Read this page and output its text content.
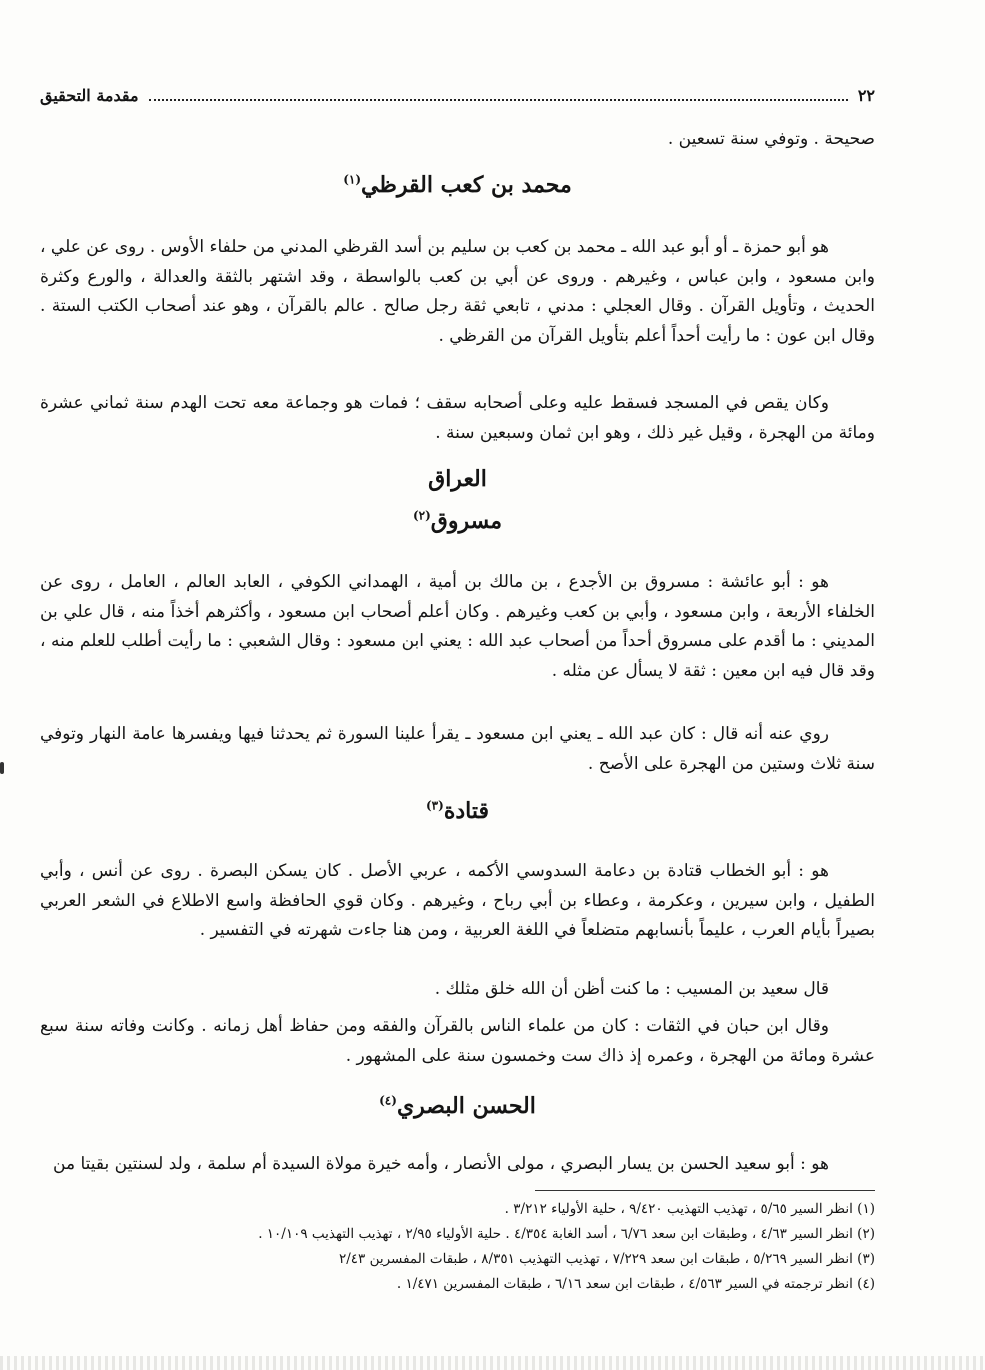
٢٢
مقدمة التحقيق
صحيحة . وتوفي سنة تسعين .
محمد بن كعب القرظي$^{(١)}$
هو أبو حمزة ـ أو أبو عبد الله ـ محمد بن كعب بن سليم بن أسد القرظي المدني من حلفاء الأوس . روى عن علي ، وابن مسعود ، وابن عباس ، وغيرهم . وروى عن أبي بن كعب بالواسطة ، وقد اشتهر بالثقة والعدالة ، والورع وكثرة الحديث ، وتأويل القرآن . وقال العجلي : مدني ، تابعي ثقة رجل صالح . عالم بالقرآن ، وهو عند أصحاب الكتب الستة . وقال ابن عون : ما رأيت أحداً أعلم بتأويل القرآن من القرظي .
وكان يقص في المسجد فسقط عليه وعلى أصحابه سقف ؛ فمات هو وجماعة معه تحت الهدم سنة ثماني عشرة ومائة من الهجرة ، وقيل غير ذلك ، وهو ابن ثمان وسبعين سنة .
العراق
مسروق$^{(٢)}$
هو : أبو عائشة : مسروق بن الأجدع ، بن مالك بن أمية ، الهمداني الكوفي ، العابد العالم ، العامل ، روى عن الخلفاء الأربعة ، وابن مسعود ، وأبي بن كعب وغيرهم . وكان أعلم أصحاب ابن مسعود ، وأكثرهم أخذاً منه ، قال علي بن المديني : ما أقدم على مسروق أحداً من أصحاب عبد الله : يعني ابن مسعود : وقال الشعبي : ما رأيت أطلب للعلم منه ، وقد قال فيه ابن معين : ثقة لا يسأل عن مثله .
روي عنه أنه قال : كان عبد الله ـ يعني ابن مسعود ـ يقرأ علينا السورة ثم يحدثنا فيها ويفسرها عامة النهار وتوفي سنة ثلاث وستين من الهجرة على الأصح .
قتادة$^{(٣)}$
هو : أبو الخطاب قتادة بن دعامة السدوسي الأكمه ، عربي الأصل . كان يسكن البصرة . روى عن أنس ، وأبي الطفيل ، وابن سيرين ، وعكرمة ، وعطاء بن أبي رباح ، وغيرهم . وكان قوي الحافظة واسع الاطلاع في الشعر العربي بصيراً بأيام العرب ، عليماً بأنسابهم متضلعاً في اللغة العربية ، ومن هنا جاءت شهرته في التفسير .
قال سعيد بن المسيب : ما كنت أظن أن الله خلق مثلك .
وقال ابن حبان في الثقات : كان من علماء الناس بالقرآن والفقه ومن حفاظ أهل زمانه . وكانت وفاته سنة سبع عشرة ومائة من الهجرة ، وعمره إذ ذاك ست وخمسون سنة على المشهور .
الحسن البصري$^{(٤)}$
هو : أبو سعيد الحسن بن يسار البصري ، مولى الأنصار ، وأمه خيرة مولاة السيدة أم سلمة ، ولد لسنتين بقيتا من
(١) انظر السير ٥/٦٥ ، تهذيب التهذيب ٩/٤٢٠ ، حلية الأولياء ٣/٢١٢ .
(٢) انظر السير ٤/٦٣ ، وطبقات ابن سعد ٦/٧٦ ، أسد الغابة ٤/٣٥٤ . حلية الأولياء ٢/٩٥ ، تهذيب التهذيب ١٠/١٠٩ .
(٣) انظر السير ٥/٢٦٩ ، طبقات ابن سعد ٧/٢٢٩ ، تهذيب التهذيب ٨/٣٥١ ، طبقات المفسرين ٢/٤٣
(٤) انظر ترجمته في السير ٤/٥٦٣ ، طبقات ابن سعد ٦/١٦ ، طبقات المفسرين ١/٤٧١ .
